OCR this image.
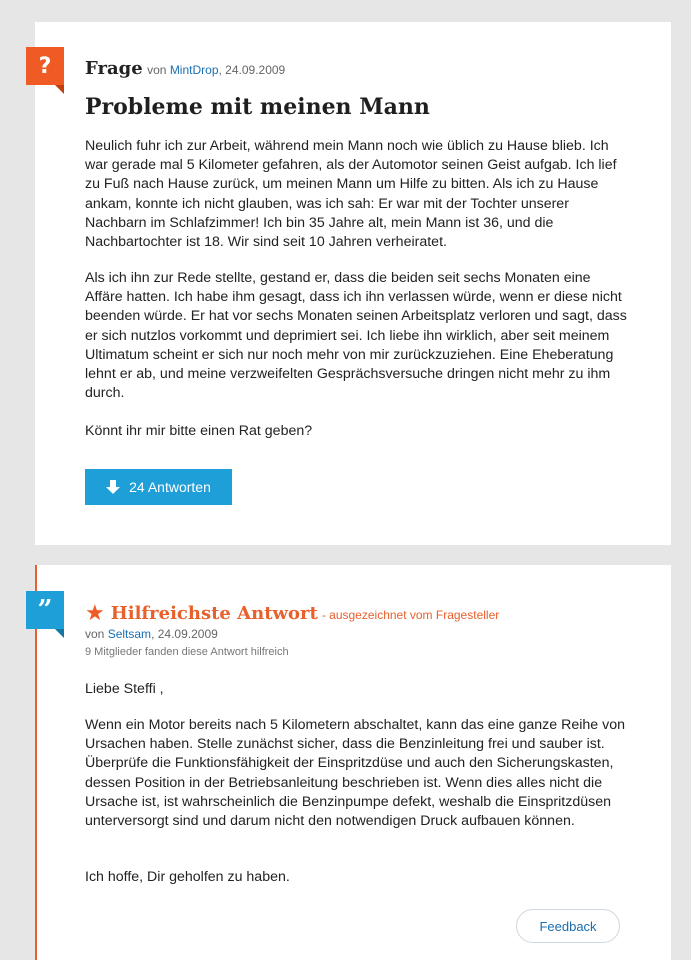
? Frage von MintDrop, 24.09.2009
Probleme mit meinen Mann

Neulich fuhr ich zur Arbeit, während mein Mann noch wie üblich zu Hause blieb. Ich war gerade mal 5 Kilometer gefahren, als der Automotor seinen Geist aufgab. Ich lief zu Fuß nach Hause zurück, um meinen Mann um Hilfe zu bitten. Als ich zu Hause ankam, konnte ich nicht glauben, was ich sah: Er war mit der Tochter unserer Nachbarn im Schlafzimmer! Ich bin 35 Jahre alt, mein Mann ist 36, und die Nachbartochter ist 18. Wir sind seit 10 Jahren verheiratet.

Als ich ihn zur Rede stellte, gestand er, dass die beiden seit sechs Monaten eine Affäre hatten. Ich habe ihm gesagt, dass ich ihn verlassen würde, wenn er diese nicht beenden würde. Er hat vor sechs Monaten seinen Arbeitsplatz verloren und sagt, dass er sich nutzlos vorkommt und deprimiert sei. Ich liebe ihn wirklich, aber seit meinem Ultimatum scheint er sich nur noch mehr von mir zurückzuziehen. Eine Eheberatung lehnt er ab, und meine verzweifelten Gesprächsversuche dringen nicht mehr zu ihm durch.

Könnt ihr mir bitte einen Rat geben?

24 Antworten
” ★ Hilfreichste Antwort - ausgezeichnet vom Fragesteller
von Seltsam, 24.09.2009
9 Mitglieder fanden diese Antwort hilfreich

Liebe Steffi ,

Wenn ein Motor bereits nach 5 Kilometern abschaltet, kann das eine ganze Reihe von Ursachen haben. Stelle zunächst sicher, dass die Benzinleitung frei und sauber ist. Überprüfe die Funktionsfähigkeit der Einspritzdüse und auch den Sicherungskasten, dessen Position in der Betriebsanleitung beschrieben ist. Wenn dies alles nicht die Ursache ist, ist wahrscheinlich die Benzinpumpe defekt, weshalb die Einspritzdüsen unterversorgt sind und darum nicht den notwendigen Druck aufbauen können.

Ich hoffe, Dir geholfen zu haben.

Feedback
